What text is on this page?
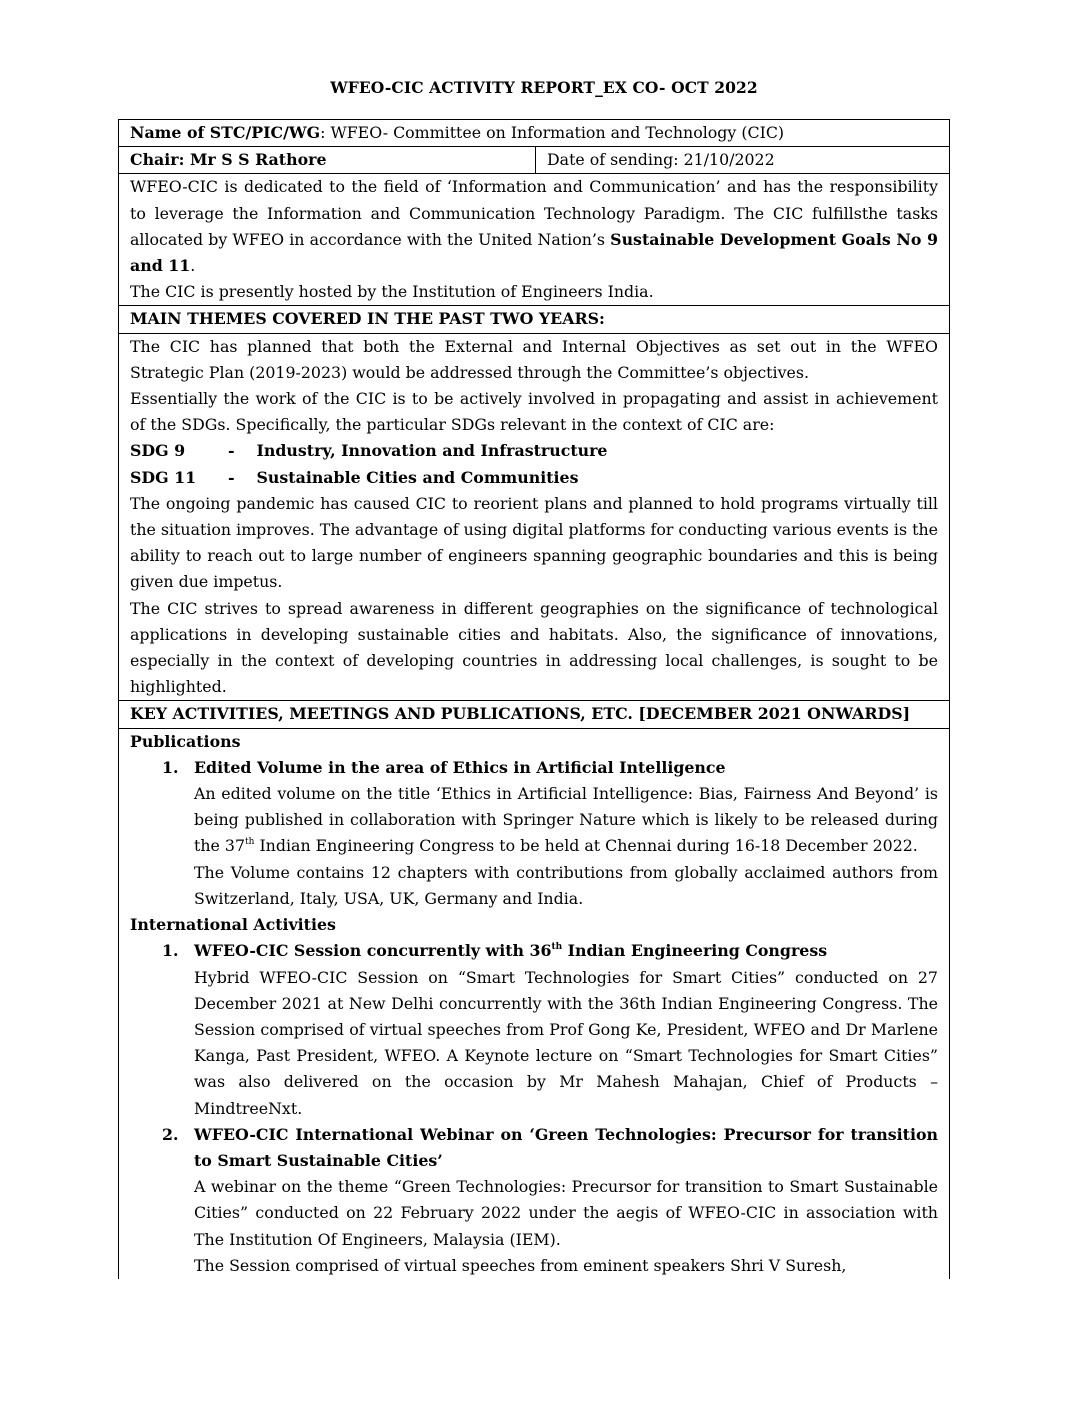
WFEO-CIC ACTIVITY REPORT_EX CO- OCT 2022
Name of STC/PIC/WG: WFEO- Committee on Information and Technology (CIC)
Chair: Mr S S Rathore	Date of sending: 21/10/2022

WFEO-CIC is dedicated to the field of ‘Information and Communication’ and has the responsibility to leverage the Information and Communication Technology Paradigm. The CIC fulfillsthe tasks allocated by WFEO in accordance with the United Nation’s Sustainable Development Goals No 9 and 11.

The CIC is presently hosted by the Institution of Engineers India.

MAIN THEMES COVERED IN THE PAST TWO YEARS:

The CIC has planned that both the External and Internal Objectives as set out in the WFEO Strategic Plan (2019-2023) would be addressed through the Committee’s objectives.

Essentially the work of the CIC is to be actively involved in propagating and assist in achievement of the SDGs. Specifically, the particular SDGs relevant in the context of CIC are:

SDG 9	- Industry, Innovation and Infrastructure
SDG 11 - Sustainable Cities and Communities

The ongoing pandemic has caused CIC to reorient plans and planned to hold programs virtually till the situation improves. The advantage of using digital platforms for conducting various events is the ability to reach out to large number of engineers spanning geographic boundaries and this is being given due impetus.

The CIC strives to spread awareness in different geographies on the significance of technological applications in developing sustainable cities and habitats. Also, the significance of innovations, especially in the context of developing countries in addressing local challenges, is sought to be highlighted.

KEY ACTIVITIES, MEETINGS AND PUBLICATIONS, ETC. [DECEMBER 2021 ONWARDS]

Publications
1. Edited Volume in the area of Ethics in Artificial Intelligence

An edited volume on the title ‘Ethics in Artificial Intelligence: Bias, Fairness And Beyond’ is being published in collaboration with Springer Nature which is likely to be released during the 37th Indian Engineering Congress to be held at Chennai during 16-18 December 2022.

The Volume contains 12 chapters with contributions from globally acclaimed authors from Switzerland, Italy, USA, UK, Germany and India.

International Activities
1. WFEO-CIC Session concurrently with 36th Indian Engineering Congress

Hybrid WFEO-CIC Session on “Smart Technologies for Smart Cities” conducted on 27 December 2021 at New Delhi concurrently with the 36th Indian Engineering Congress. The Session comprised of virtual speeches from Prof Gong Ke, President, WFEO and Dr Marlene Kanga, Past President, WFEO. A Keynote lecture on “Smart Technologies for Smart Cities” was also delivered on the occasion by Mr Mahesh Mahajan, Chief of Products – MindtreeNxt.

2. WFEO-CIC International Webinar on ‘Green Technologies: Precursor for transition to Smart Sustainable Cities’

A webinar on the theme “Green Technologies: Precursor for transition to Smart Sustainable Cities” conducted on 22 February 2022 under the aegis of WFEO-CIC in association with The Institution Of Engineers, Malaysia (IEM).

The Session comprised of virtual speeches from eminent speakers Shri V Suresh,
